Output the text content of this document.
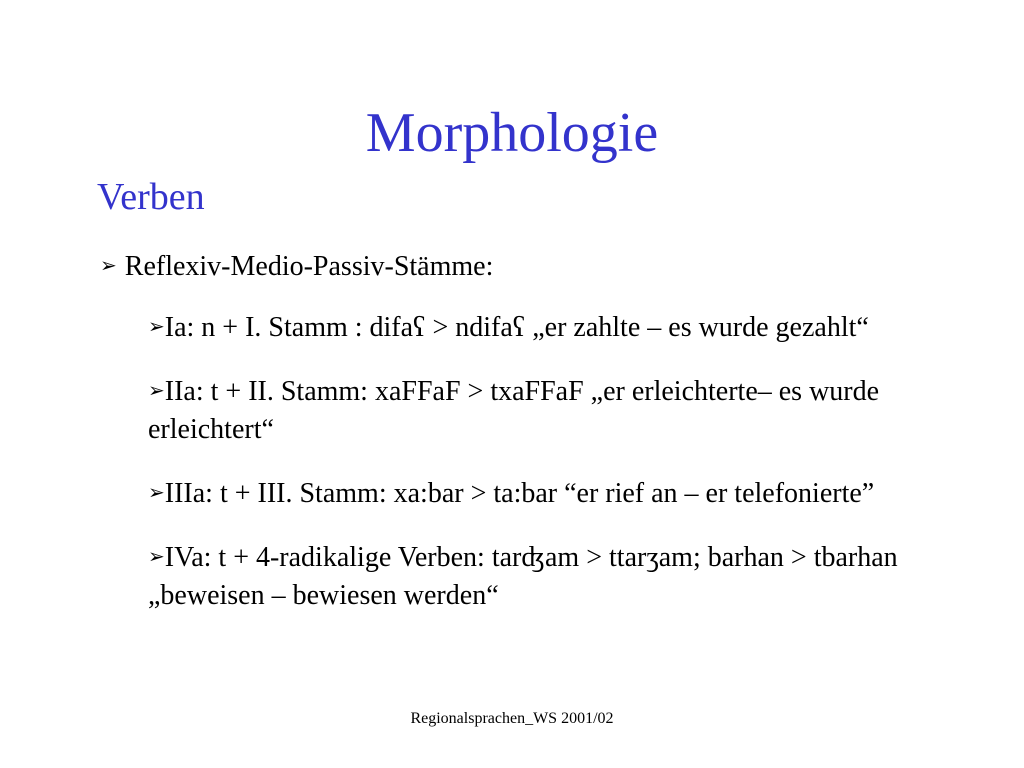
Morphologie
Verben
➢ Reflexiv-Medio-Passiv-Stämme:
➢Ia: n + I. Stamm : difaʕ > ndifaʕ „er zahlte – es wurde gezahlt“
➢IIa: t + II. Stamm: xaFFaF > txaFFaF „er erleichterte– es wurde erleichtert“
➢IIIa: t + III. Stamm: xa:bar > ta:bar “er rief an – er telefonierte”
➢IVa: t + 4-radikalige Verben: tarʤam > ttarʒam; barhan > tbarhan „beweisen – bewiesen werden“
Regionalsprachen_WS 2001/02
